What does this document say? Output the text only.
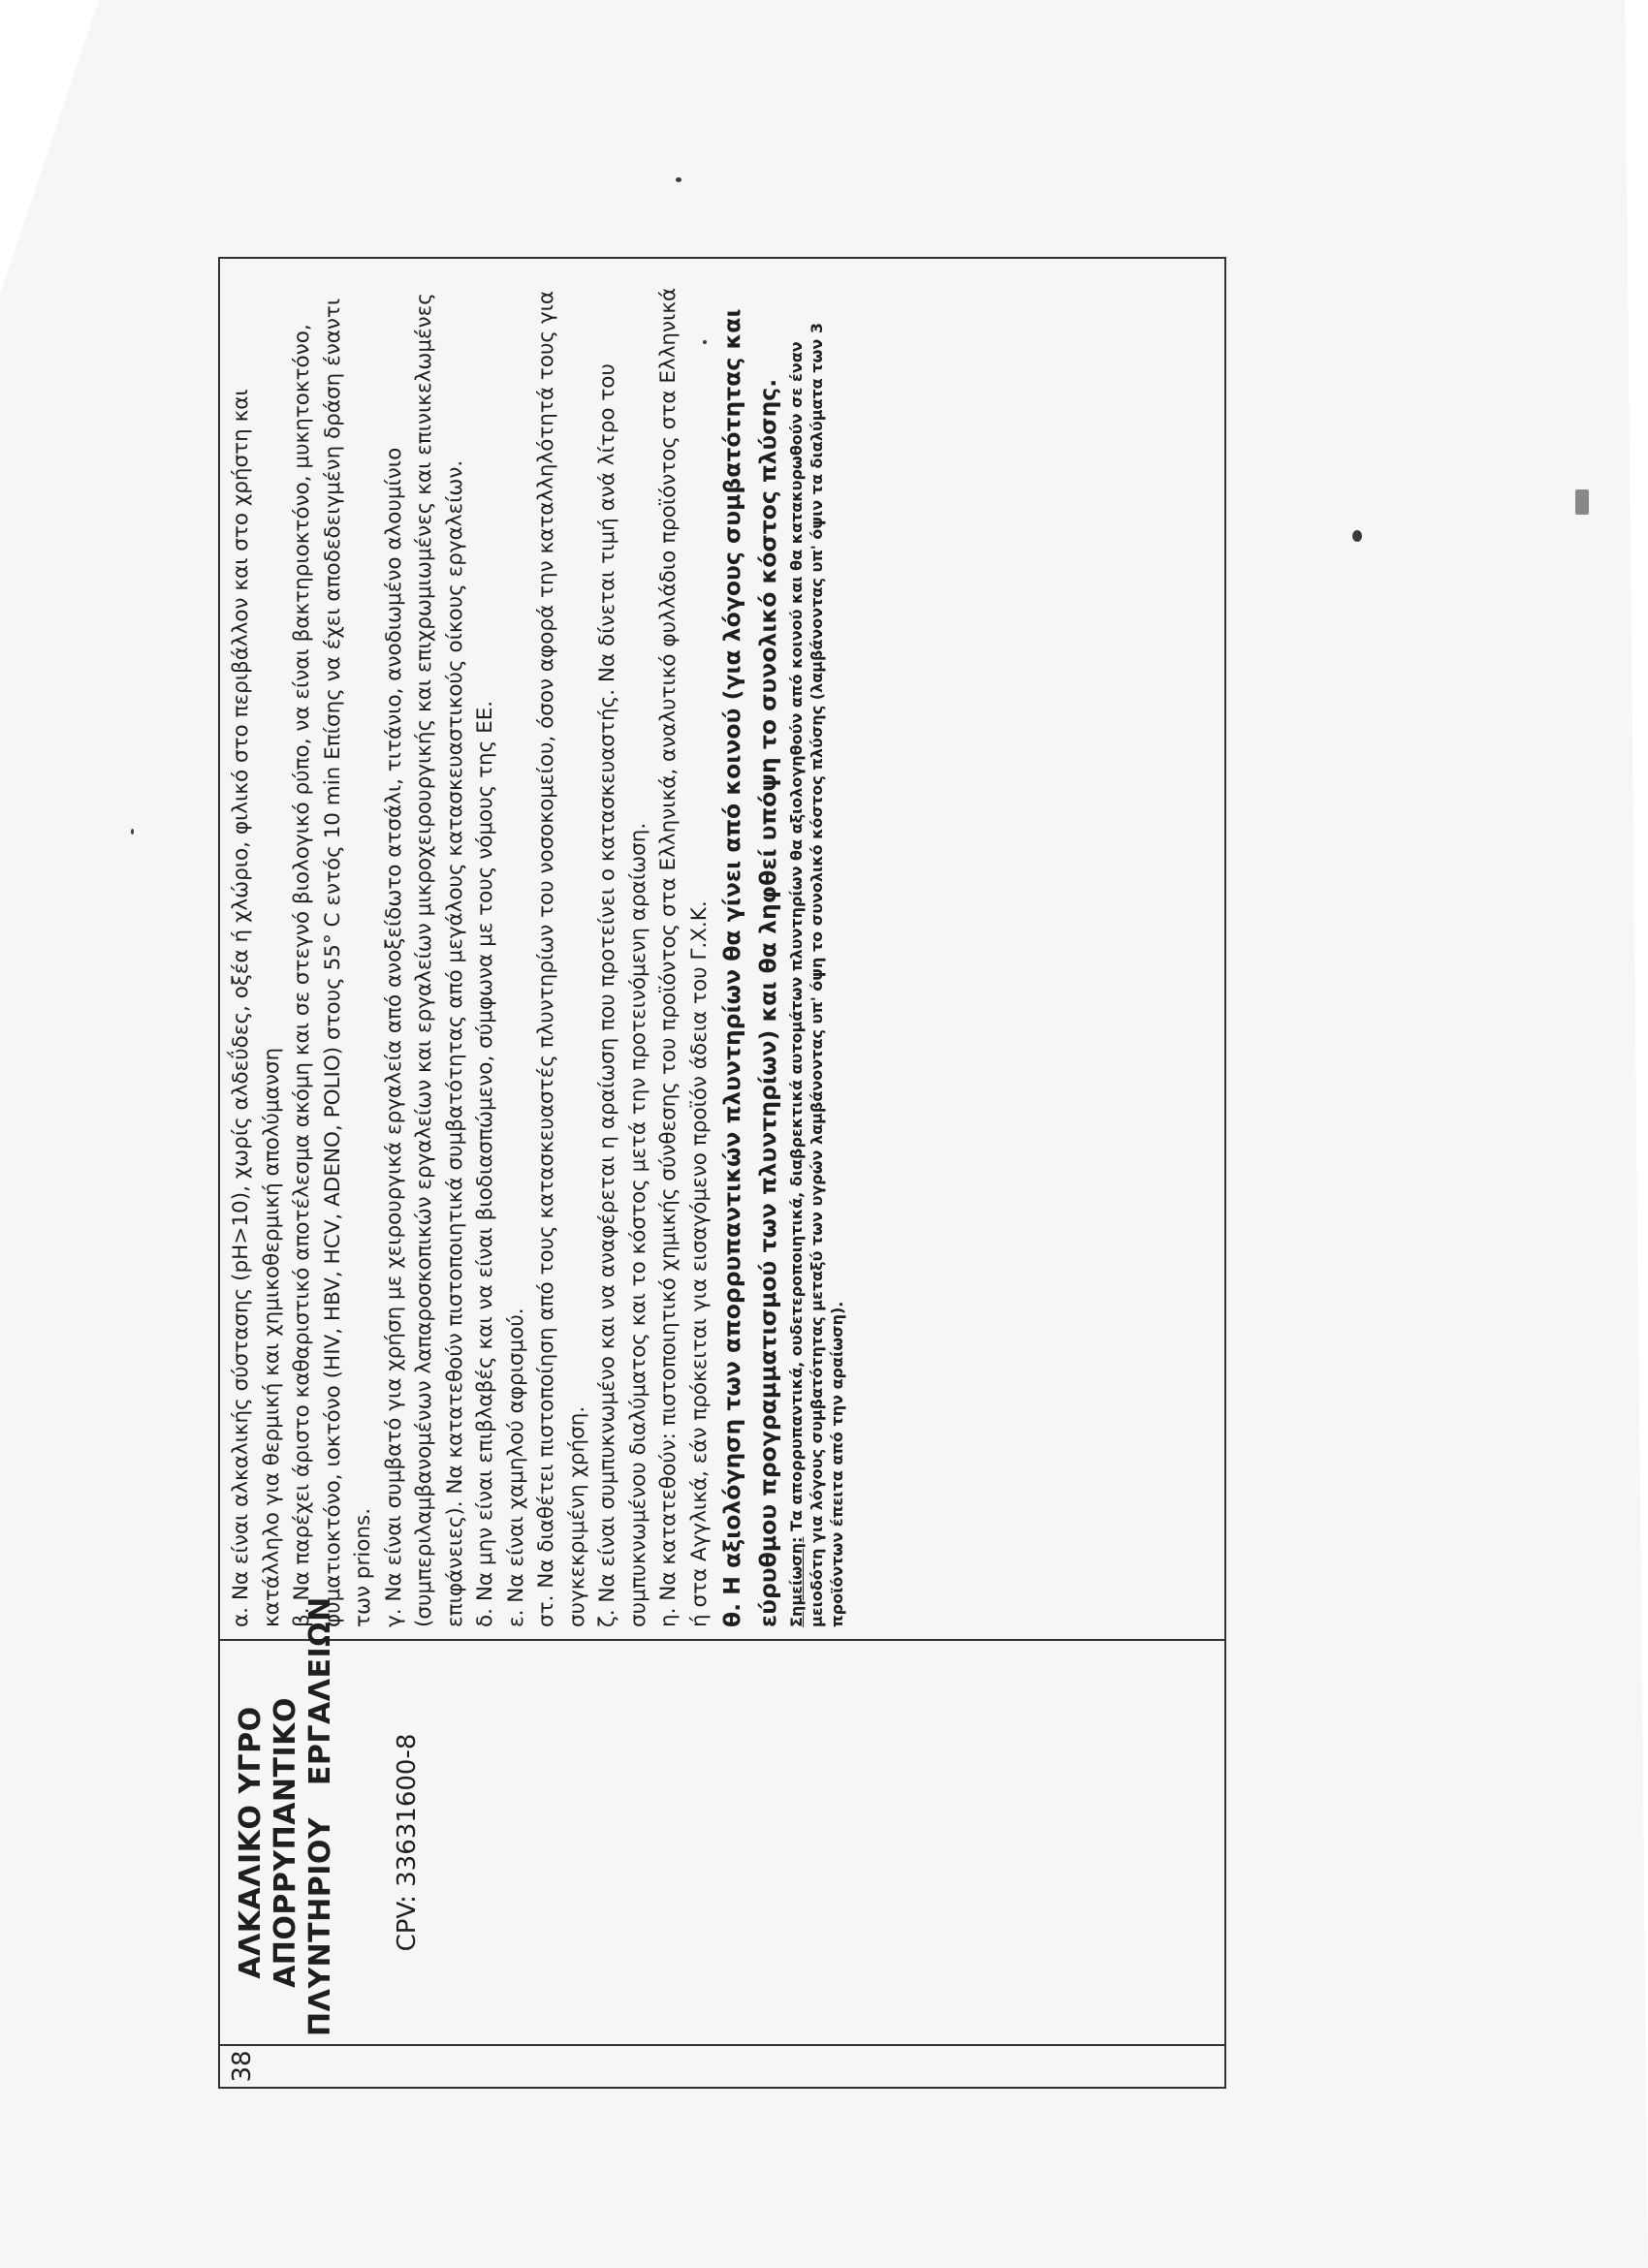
38	
ΑΛΚΑΛΙΚΟ ΥΓΡΟ ΑΠΟΡΡΥΠΑΝΤΙΚΟ ΠΛΥΝΤΗΡΙΟΥ   ΕΡΓΑΛΕΙΩΝ CPV: 33631600-8

α. Να είναι αλκαλικής σύστασης (pH>10), χωρίς αλδεΰδες, οξέα ή χλώριο, φιλικό στο περιβάλλον και στο χρήστη και κατάλληλο για θερμική και χημικοθερμική απολύμανση β. Να παρέχει άριστο καθαριστικό αποτέλεσμα ακόμη και σε στεγνό βιολογικό ρύπο, να είναι βακτηριοκτόνο, μυκητοκτόνο, φυματιοκτόνο, ιοκτόνο (HIV, HBV, HCV, ADENO, POLIO) στους 55° C εντός 10 min Επίσης να έχει αποδεδειγμένη δράση έναντι των prions. γ. Να είναι συμβατό για χρήση με χειρουργικά εργαλεία από ανοξείδωτο ατσάλι, τιτάνιο, ανοδιωμένο αλουμίνιο (συμπεριλαμβανομένων λαπαροσκοπικών εργαλείων και εργαλείων μικροχειρουργικής και επιχρωμιωμένες και επινικελωμένες επιφάνειες). Να κατατεθούν πιστοποιητικά συμβατότητας από μεγάλους κατασκευαστικούς οίκους εργαλείων. δ. Να μην είναι επιβλαβές και να είναι βιοδιασπώμενο, σύμφωνα με τους νόμους της ΕΕ. ε. Να είναι χαμηλού αφρισμού. στ. Να διαθέτει πιστοποίηση από τους κατασκευαστές πλυντηρίων του νοσοκομείου, όσον αφορά την καταλληλότητά τους για συγκεκριμένη χρήση. ζ. Να είναι συμπυκνωμένο και να αναφέρεται η αραίωση που προτείνει ο κατασκευαστής. Να δίνεται τιμή ανά λίτρο του συμπυκνωμένου διαλύματος και το κόστος μετά την προτεινόμενη αραίωση. η. Να κατατεθούν: πιστοποιητικό χημικής σύνθεσης του προϊόντος στα Ελληνικά, αναλυτικό φυλλάδιο προϊόντος στα Ελληνικά ή στα Αγγλικά, εάν πρόκειται για εισαγόμενο προϊόν άδεια του Γ.Χ.Κ. θ. Η αξιολόγηση των απορρυπαντικών πλυντηρίων θα γίνει από κοινού (για λόγους συμβατότητας και εύρυθμου προγραμματισμού των πλυντηρίων) και θα ληφθεί υπόψη το συνολικό κόστος πλύσης. Σημείωση: Τα απορρυπαντικά, ουδετεροποιητικά, διαβρεκτικά αυτομάτων πλυντηρίων θα αξιολογηθούν από κοινού και θα κατακυρωθούν σε έναν μειοδότη για λόγους συμβατότητας μεταξύ των υγρών λαμβάνοντας υπ' όψη το συνολικό κόστος πλύσης (λαμβάνοντας υπ' όψιν τα διαλύματα των 3 προϊόντων έπειτα από την αραίωση).
